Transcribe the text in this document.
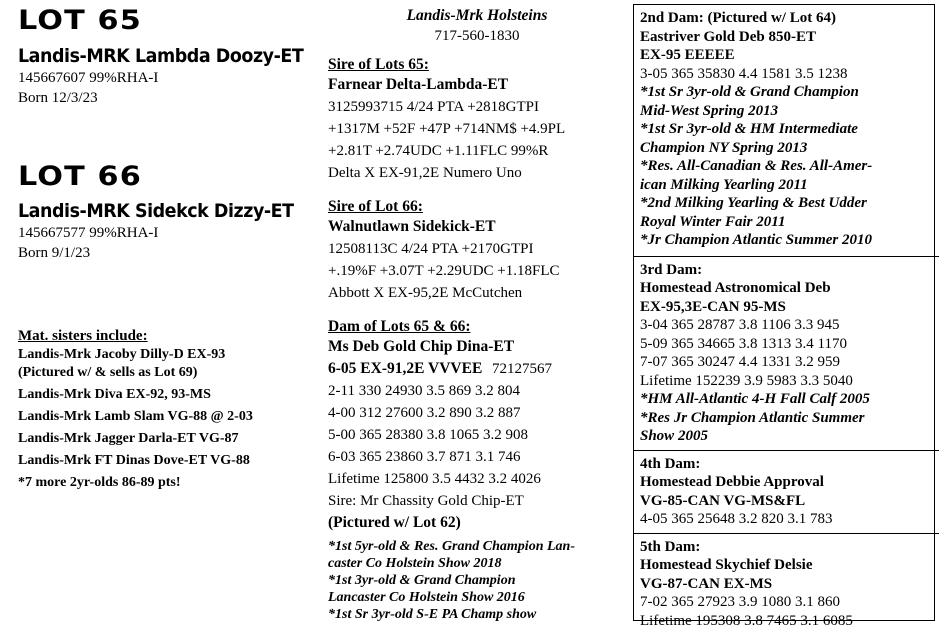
LOT 65
Landis-MRK Lambda Doozy-ET
145667607 99%RHA-I
Born 12/3/23
LOT 66
Landis-MRK Sidekck Dizzy-ET
145667577 99%RHA-I
Born 9/1/23
Mat. sisters include:
Landis-Mrk Jacoby Dilly-D EX-93
(Pictured w/ & sells as Lot 69)
Landis-Mrk Diva EX-92, 93-MS
Landis-Mrk Lamb Slam VG-88 @ 2-03
Landis-Mrk Jagger Darla-ET VG-87
Landis-Mrk FT Dinas Dove-ET VG-88
*7 more 2yr-olds 86-89 pts!
Landis-Mrk Holsteins
717-560-1830
Sire of Lots 65:
Farnear Delta-Lambda-ET
3125993715 4/24 PTA +2818GTPI
+1317M +52F +47P +714NM$ +4.9PL
+2.81T +2.74UDC +1.11FLC 99%R
Delta X EX-91,2E Numero Uno
Sire of Lot 66:
Walnutlawn Sidekick-ET
12508113C 4/24 PTA +2170GTPI
+.19%F +3.07T +2.29UDC +1.18FLC
Abbott X EX-95,2E McCutchen
Dam of Lots 65 & 66:
Ms Deb Gold Chip Dina-ET
6-05 EX-91,2E VVVEE 72127567
2-11 330 24930 3.5 869 3.2 804
4-00 312 27600 3.2 890 3.2 887
5-00 365 28380 3.8 1065 3.2 908
6-03 365 23860 3.7 871 3.1 746
Lifetime 125800 3.5 4432 3.2 4026
Sire: Mr Chassity Gold Chip-ET
(Pictured w/ Lot 62)
*1st 5yr-old & Res. Grand Champion Lan-
caster Co Holstein Show 2018
*1st 3yr-old & Grand Champion
Lancaster Co Holstein Show 2016
*1st Sr 3yr-old S-E PA Champ show
2nd Dam: (Pictured w/ Lot 64)
Eastriver Gold Deb 850-ET
EX-95 EEEEE
3-05 365 35830 4.4 1581 3.5 1238
*1st Sr 3yr-old & Grand Champion
Mid-West Spring 2013
*1st Sr 3yr-old & HM Intermediate
Champion NY Spring 2013
*Res. All-Canadian & Res. All-Amer-
ican Milking Yearling 2011
*2nd Milking Yearling & Best Udder
Royal Winter Fair 2011
*Jr Champion Atlantic Summer 2010
3rd Dam:
Homestead Astronomical Deb
EX-95,3E-CAN 95-MS
3-04 365 28787 3.8 1106 3.3 945
5-09 365 34665 3.8 1313 3.4 1170
7-07 365 30247 4.4 1331 3.2 959
Lifetime 152239 3.9 5983 3.3 5040
*HM All-Atlantic 4-H Fall Calf 2005
*Res Jr Champion Atlantic Summer
Show 2005
4th Dam:
Homestead Debbie Approval
VG-85-CAN VG-MS&FL
4-05 365 25648 3.2 820 3.1 783
5th Dam:
Homestead Skychief Delsie
VG-87-CAN EX-MS
7-02 365 27923 3.9 1080 3.1 860
Lifetime 195308 3.8 7465 3.1 6085
